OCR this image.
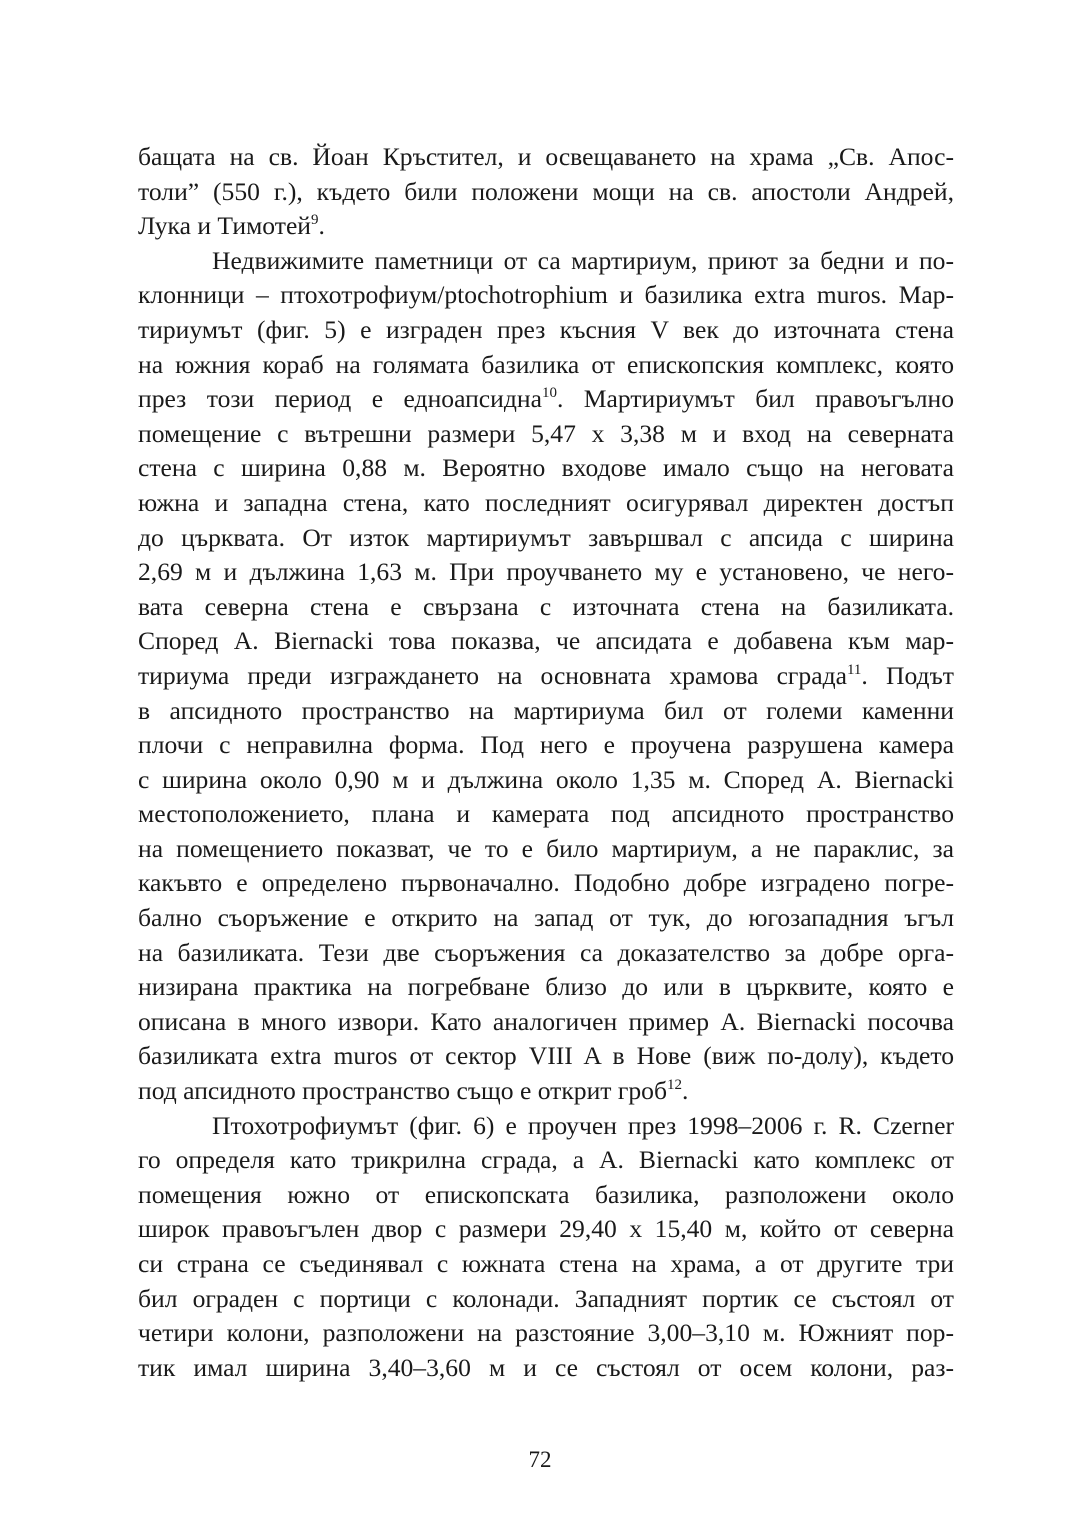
бащата на св. Йоан Кръстител, и освещаването на храма „Св. Апос-
толи” (550 г.), където били положени мощи на св. апостоли Андрей,
Лука и Тимотей$^9$.
Недвижимите паметници от са мартириум, приют за бедни и по-
клонници – птохотрофиум/ptochotrophium и базилика extra muros. Мар-
тириумът (фиг. 5) е изграден през късния V век до източната стена
на южния кораб на голямата базилика от епископския комплекс, която
през този период е едноапсидна$^{10}$. Мартириумът бил правоъгълно
помещение с вътрешни размери 5,47 х 3,38 м и вход на северната
стена с ширина 0,88 м. Вероятно входове имало също на неговата
южна и западна стена, като последният осигурявал директен достъп
до църквата. От изток мартириумът завършвал с апсида с ширина
2,69 м и дължина 1,63 м. При проучването му е установено, че него-
вата северна стена е свързана с източната стена на базиликата.
Според A. Biernacki това показва, че апсидата е добавена към мар-
тириума преди изграждането на основната храмова сграда$^{11}$. Подът
в апсидното пространство на мартириума бил от големи каменни
плочи с неправилна форма. Под него е проучена разрушена камера
с ширина около 0,90 м и дължина около 1,35 м. Според A. Biernacki
местоположението, плана и камерата под апсидното пространство
на помещението показват, че то е било мартириум, а не параклис, за
какъвто е определено първоначално. Подобно добре изградено погре-
бално съоръжение е открито на запад от тук, до югозападния ъгъл
на базиликата. Тези две съоръжения са доказателство за добре орга-
низирана практика на погребване близо до или в църквите, която е
описана в много извори. Като аналогичен пример A. Biernacki посочва
базиликата extra muros от сектор VIII A в Нове (виж по-долу), където
под апсидното пространство също е открит гроб$^{12}$.
Птохотрофиумът (фиг. 6) е проучен през 1998–2006 г. R. Czerner
го определя като трикрилна сграда, а A. Biernacki като комплекс от
помещения южно от епископската базилика, разположени около
широк правоъгълен двор с размери 29,40 х 15,40 м, който от северна
си страна се съединявал с южната стена на храма, а от другите три
бил ограден с портици с колонади. Западният портик се състоял от
четири колони, разположени на разстояние 3,00–3,10 м. Южният пор-
тик имал ширина 3,40–3,60 м и се състоял от осем колони, раз-
72
